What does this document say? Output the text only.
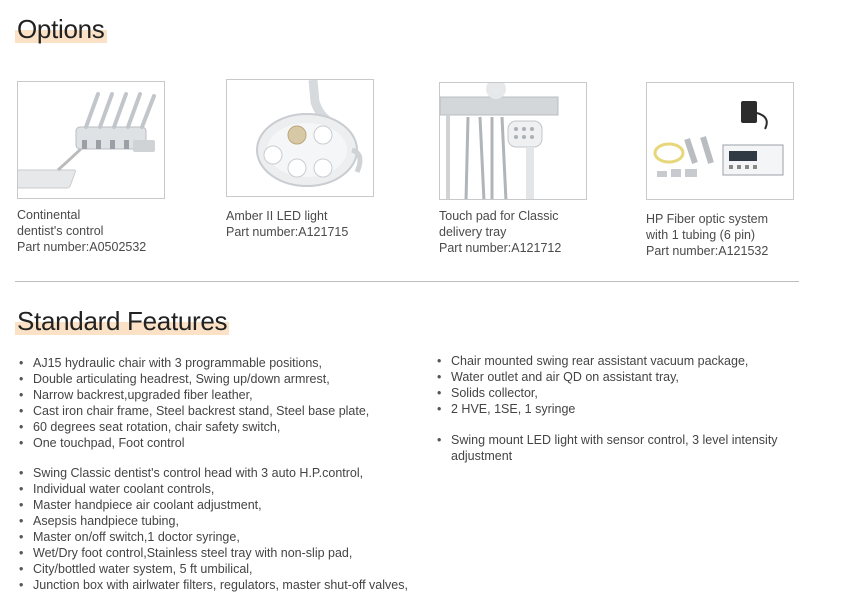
Options
Continental
dentist's control
Part number:A0502532
Amber II LED light
Part number:A121715
Touch pad for Classic
delivery tray
Part number:A121712
HP Fiber optic system
with 1 tubing (6 pin)
Part number:A121532
Standard Features
• AJ15 hydraulic chair with 3 programmable positions,
• Double articulating headrest, Swing up/down armrest,
• Narrow backrest,upgraded fiber leather,
• Cast iron chair frame, Steel backrest stand, Steel base plate,
• 60 degrees seat rotation, chair safety switch,
• One touchpad, Foot control
• Swing Classic dentist's control head with 3 auto H.P.control,
• Individual water coolant controls,
• Master handpiece air coolant adjustment,
• Asepsis handpiece tubing,
• Master on/off switch,1 doctor syringe,
• Wet/Dry foot control,Stainless steel tray with non-slip pad,
• City/bottled water system, 5 ft umbilical,
• Junction box with airlwater filters, regulators, master shut-off valves,
• Chair mounted swing rear assistant vacuum package,
• Water outlet and air QD on assistant tray,
• Solids collector,
• 2 HVE, 1SE, 1 syringe
• Swing mount LED light with sensor control, 3 level intensity adjustment
